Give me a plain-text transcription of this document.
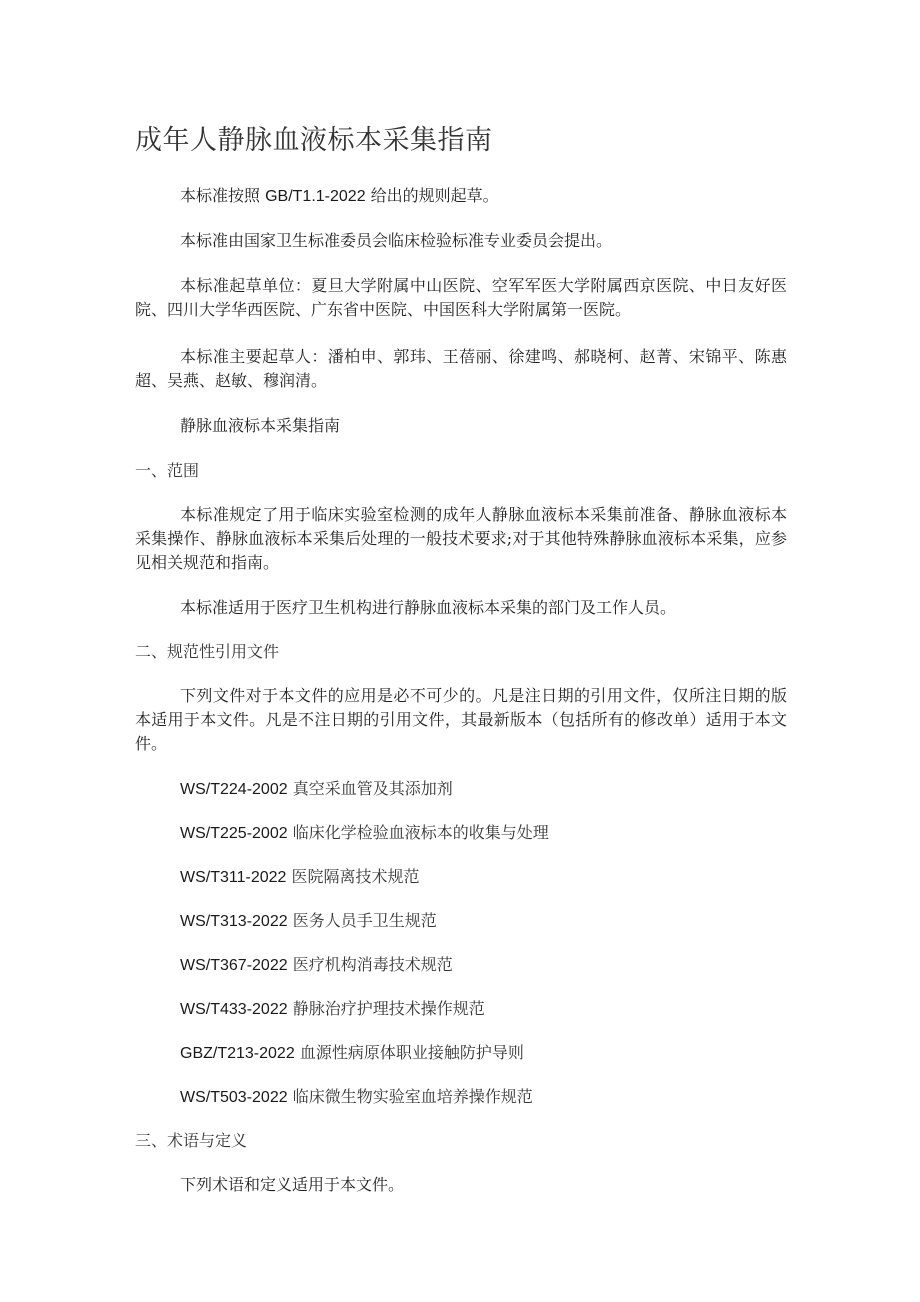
成年人静脉血液标本采集指南

本标准按照 GB/T1.1-2022 给出的规则起草。

本标准由国家卫生标准委员会临床检验标准专业委员会提出。

本标准起草单位：夏旦大学附属中山医院、空军军医大学附属西京医院、中日友好医院、四川大学华西医院、广东省中医院、中国医科大学附属第一医院。

本标准主要起草人：潘柏申、郭玮、王蓓丽、徐建鸣、郝晓柯、赵菁、宋锦平、陈惠超、吴燕、赵敏、穆润清。

静脉血液标本采集指南

一、范围

本标准规定了用于临床实验室检测的成年人静脉血液标本采集前准备、静脉血液标本采集操作、静脉血液标本采集后处理的一般技术要求;对于其他特殊静脉血液标本采集，应参见相关规范和指南。

本标准适用于医疗卫生机构进行静脉血液标本采集的部门及工作人员。

二、规范性引用文件

下列文件对于本文件的应用是必不可少的。凡是注日期的引用文件，仅所注日期的版本适用于本文件。凡是不注日期的引用文件，其最新版本（包括所有的修改单）适用于本文件。

WS/T224-2002 真空采血管及其添加剂

WS/T225-2002 临床化学检验血液标本的收集与处理

WS/T311-2022 医院隔离技术规范

WS/T313-2022 医务人员手卫生规范

WS/T367-2022 医疗机构消毒技术规范

WS/T433-2022 静脉治疗护理技术操作规范

GBZ/T213-2022 血源性病原体职业接触防护导则

WS/T503-2022 临床微生物实验室血培养操作规范

三、术语与定义

下列术语和定义适用于本文件。
